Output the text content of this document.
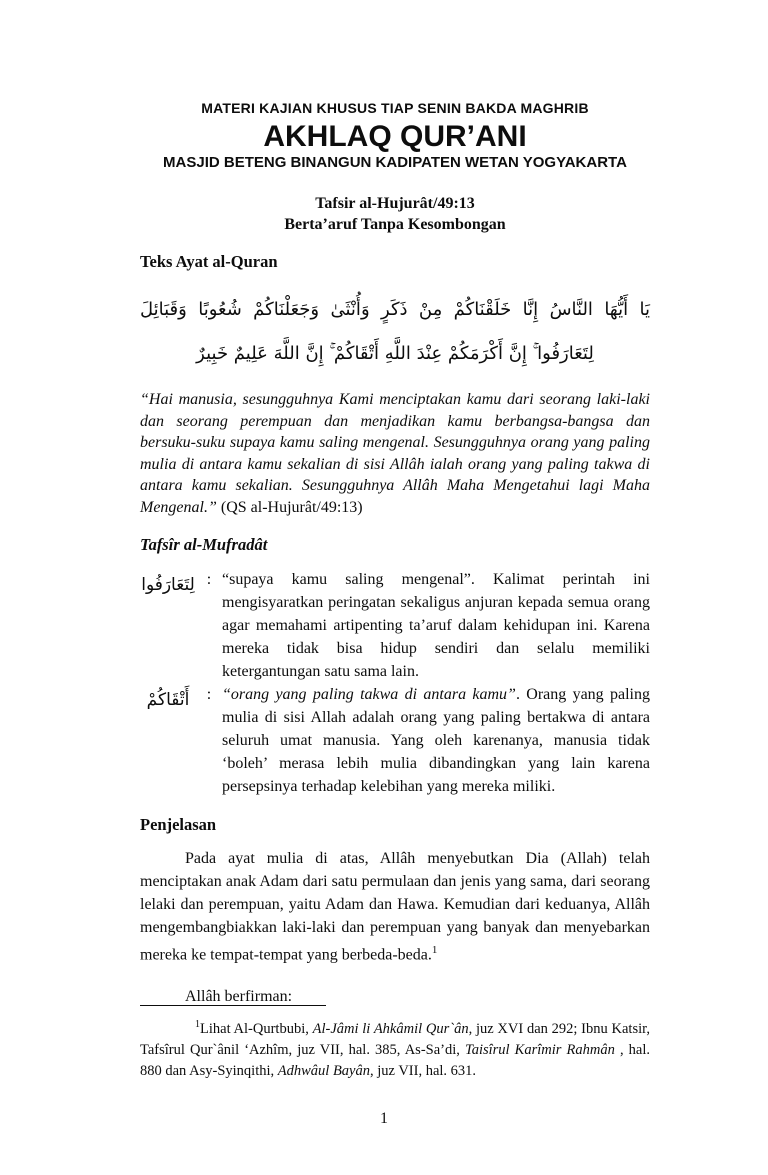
MATERI KAJIAN KHUSUS TIAP SENIN BAKDA MAGHRIB
AKHLAQ QUR’ANI
MASJID BETENG BINANGUN KADIPATEN WETAN YOGYAKARTA
Tafsir al-Hujurât/49:13
Berta’aruf Tanpa Kesombongan
Teks Ayat al-Quran
يَا أَيُّهَا النَّاسُ إِنَّا خَلَقْنَاكُمْ مِنْ ذَكَرٍ وَأُنْثَىٰ وَجَعَلْنَاكُمْ شُعُوبًا وَقَبَائِلَ
لِتَعَارَفُوا ۚ إِنَّ أَكْرَمَكُمْ عِنْدَ اللَّهِ أَتْقَاكُمْ ۚ إِنَّ اللَّهَ عَلِيمٌ خَبِيرٌ

“Hai manusia, sesungguhnya Kami menciptakan kamu dari seorang laki-laki dan seorang perempuan dan menjadikan kamu berbangsa-bangsa dan bersuku-suku supaya kamu saling mengenal. Sesungguhnya orang yang paling mulia di antara kamu sekalian di sisi Allâh ialah orang yang paling takwa di antara kamu sekalian. Sesungguhnya Allâh Maha Mengetahui lagi Maha Mengenal.” (QS al-Hujurât/49:13)

Tafsîr al-Mufradât
لِتَعَارَفُوا : “supaya kamu saling mengenal”. Kalimat perintah ini mengisyaratkan peringatan sekaligus anjuran kepada semua orang agar memahami artipenting ta’aruf dalam kehidupan ini. Karena mereka tidak bisa hidup sendiri dan selalu memiliki ketergantungan satu sama lain.
أَتْقَاكُمْ	: “orang yang paling takwa di antara kamu”. Orang yang paling mulia di sisi Allah adalah orang yang paling bertakwa di antara seluruh umat manusia. Yang oleh karenanya, manusia tidak ‘boleh’ merasa lebih mulia dibandingkan yang lain karena persepsinya terhadap kelebihan yang mereka miliki.
Penjelasan

Pada ayat mulia di atas, Allâh menyebutkan Dia (Allah) telah menciptakan anak Adam dari satu permulaan dan jenis yang sama, dari seorang lelaki dan perempuan, yaitu Adam dan Hawa. Kemudian dari keduanya, Allâh mengembangbiakkan laki-laki dan perempuan yang banyak dan menyebarkan mereka ke tempat-tempat yang berbeda-beda.$^1$

Allâh berfirman:

$^1$Lihat Al-Qurtbubi, Al-Jâmi li Ahkâmil Qur`ân, juz XVI dan 292; Ibnu Katsir, Tafsîrul Qur`ânil ‘Azhîm, juz VII, hal. 385, As-Sa’di, Taisîrul Karîmir Rahmân , hal. 880 dan Asy-Syinqithi, Adhwâul Bayân, juz VII, hal. 631.

1
